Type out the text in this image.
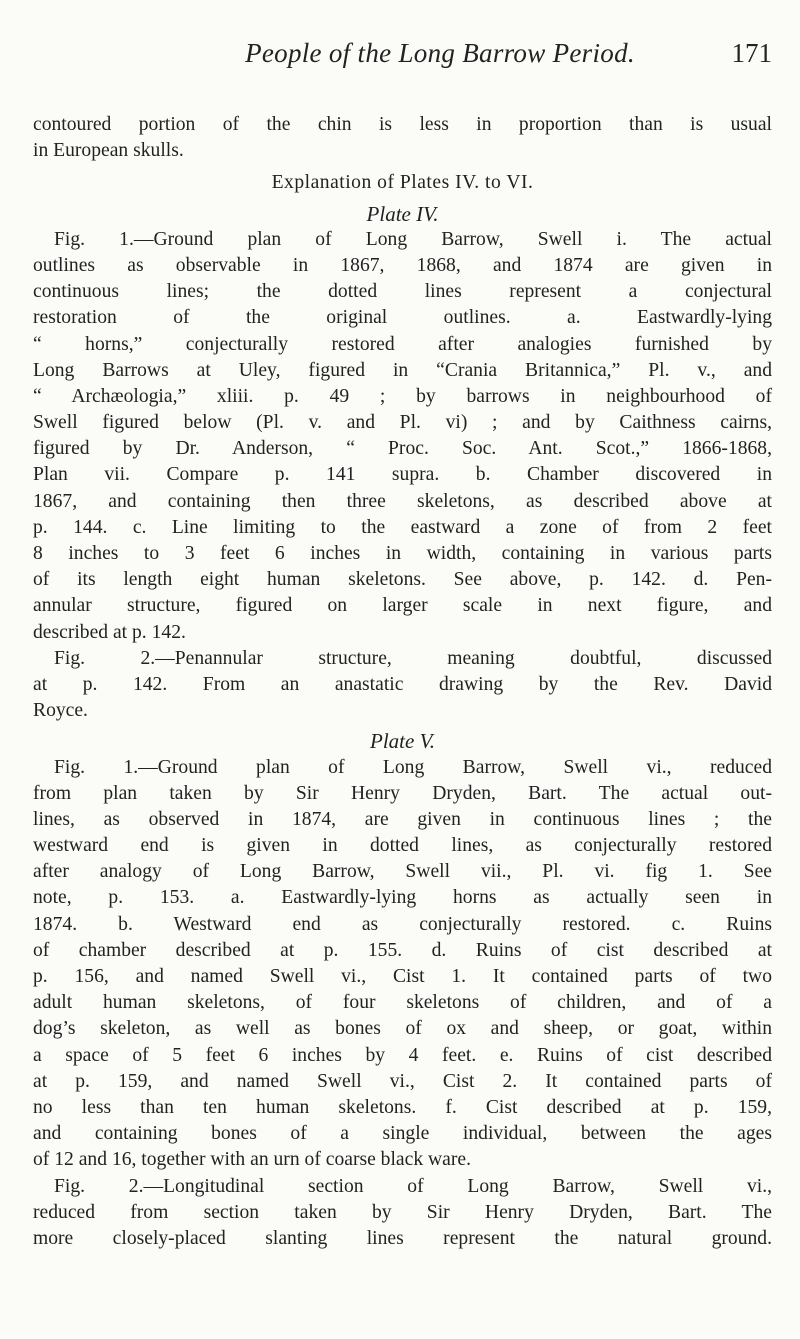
People of the Long Barrow Period.	171
contoured portion of the chin is less in proportion than is usual
in European skulls.
Explanation of Plates IV. to VI.
Plate IV.
Fig. 1.—Ground plan of Long Barrow, Swell i. The actual
outlines as observable in 1867, 1868, and 1874 are given in
continuous lines; the dotted lines represent a conjectural
restoration of the original outlines. a. Eastwardly-lying
“ horns,” conjecturally restored after analogies furnished by
Long Barrows at Uley, figured in “Crania Britannica,” Pl. v., and
“ Archæologia,” xliii. p. 49 ; by barrows in neighbourhood of
Swell figured below (Pl. v. and Pl. vi) ; and by Caithness cairns,
figured by Dr. Anderson, “ Proc. Soc. Ant. Scot.,” 1866-1868,
Plan vii. Compare p. 141 supra. b. Chamber discovered in
1867, and containing then three skeletons, as described above at
p. 144. c. Line limiting to the eastward a zone of from 2 feet
8 inches to 3 feet 6 inches in width, containing in various parts
of its length eight human skeletons. See above, p. 142. d. Pen-
annular structure, figured on larger scale in next figure, and
described at p. 142.
Fig. 2.—Penannular structure, meaning doubtful, discussed
at p. 142. From an anastatic drawing by the Rev. David
Royce.
Plate V.
Fig. 1.—Ground plan of Long Barrow, Swell vi., reduced
from plan taken by Sir Henry Dryden, Bart. The actual out-
lines, as observed in 1874, are given in continuous lines ; the
westward end is given in dotted lines, as conjecturally restored
after analogy of Long Barrow, Swell vii., Pl. vi. fig 1. See
note, p. 153. a. Eastwardly-lying horns as actually seen in
1874. b. Westward end as conjecturally restored. c. Ruins
of chamber described at p. 155. d. Ruins of cist described at
p. 156, and named Swell vi., Cist 1. It contained parts of two
adult human skeletons, of four skeletons of children, and of a
dog’s skeleton, as well as bones of ox and sheep, or goat, within
a space of 5 feet 6 inches by 4 feet. e. Ruins of cist described
at p. 159, and named Swell vi., Cist 2. It contained parts of
no less than ten human skeletons. f. Cist described at p. 159,
and containing bones of a single individual, between the ages
of 12 and 16, together with an urn of coarse black ware.
Fig. 2.—Longitudinal section of Long Barrow, Swell vi.,
reduced from section taken by Sir Henry Dryden, Bart. The
more closely-placed slanting lines represent the natural ground.
